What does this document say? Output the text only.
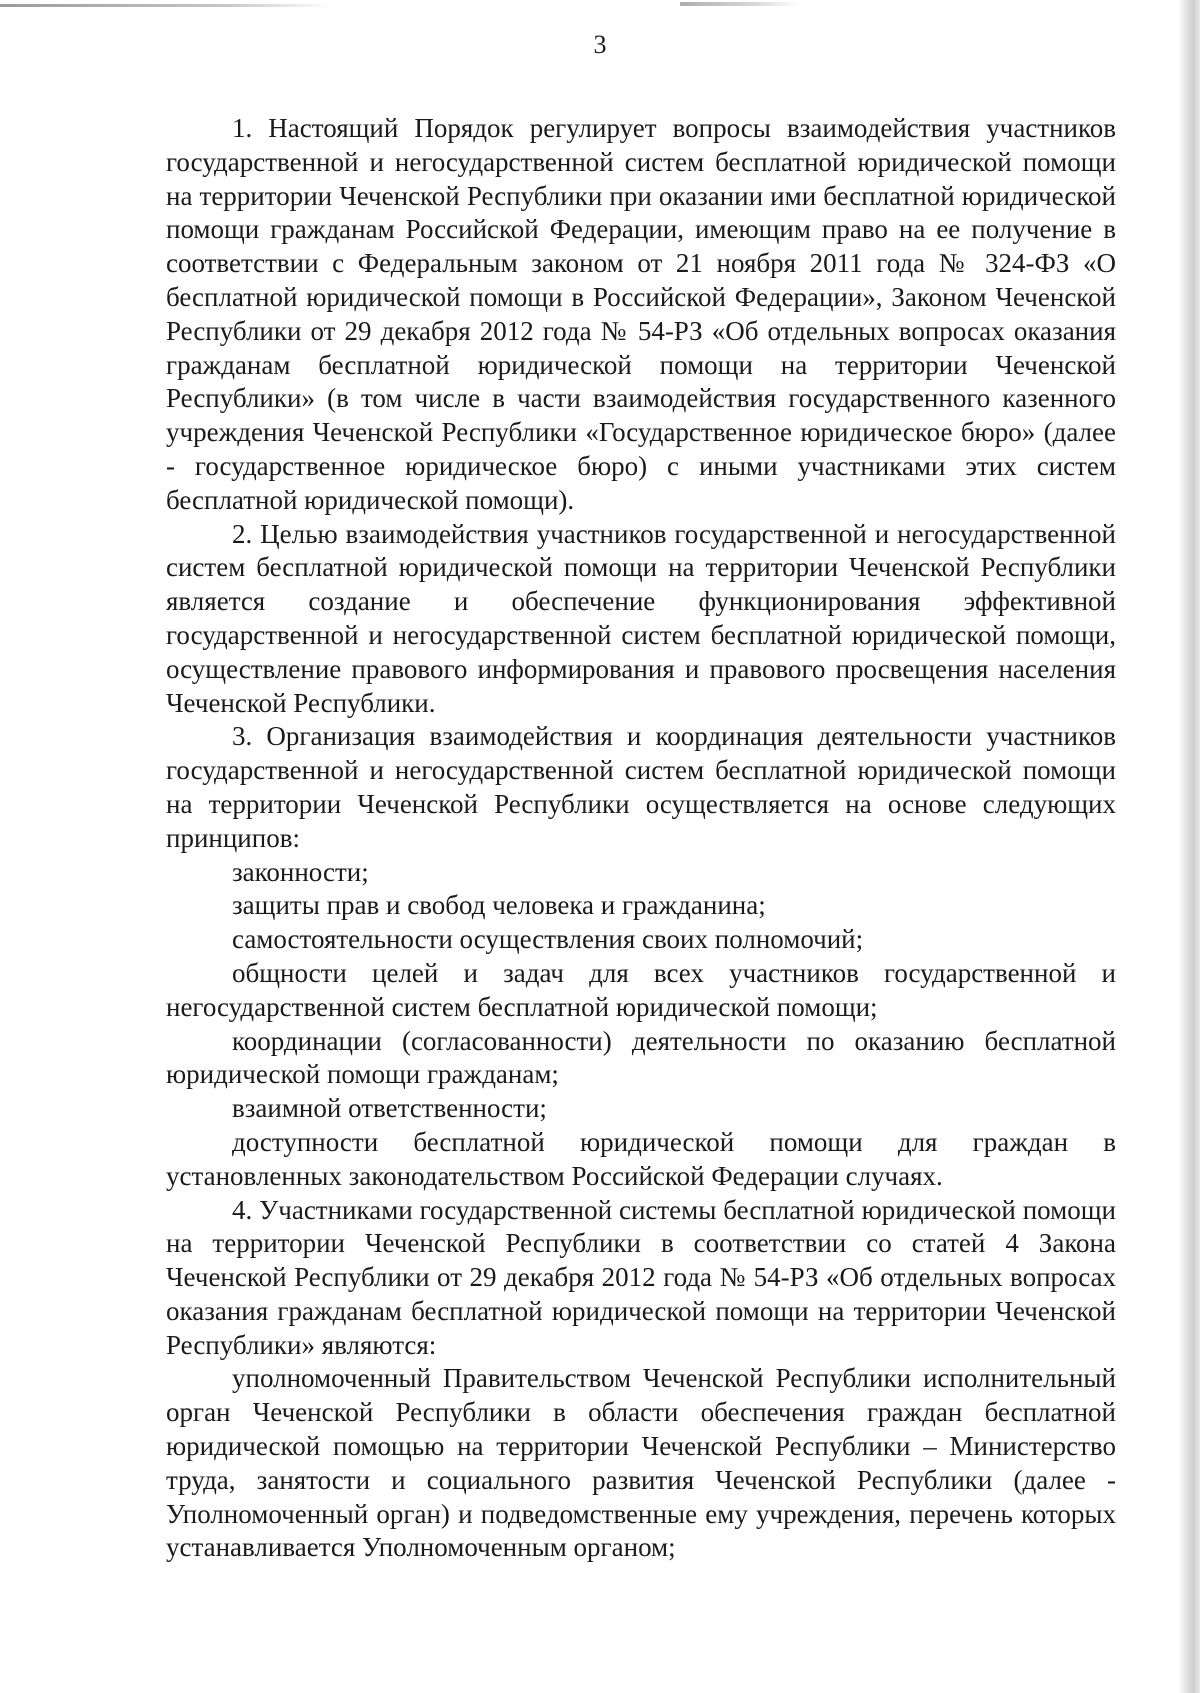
3

1. Настоящий Порядок регулирует вопросы взаимодействия участников государственной и негосударственной систем бесплатной юридической помощи на территории Чеченской Республики при оказании ими бесплатной юридической помощи гражданам Российской Федерации, имеющим право на ее получение в соответствии с Федеральным законом от 21 ноября 2011 года № 324-ФЗ «О бесплатной юридической помощи в Российской Федерации», Законом Чеченской Республики от 29 декабря 2012 года № 54-РЗ «Об отдельных вопросах оказания гражданам бесплатной юридической помощи на территории Чеченской Республики» (в том числе в части взаимодействия государственного казенного учреждения Чеченской Республики «Государственное юридическое бюро» (далее - государственное юридическое бюро) с иными участниками этих систем бесплатной юридической помощи).

2. Целью взаимодействия участников государственной и негосударственной систем бесплатной юридической помощи на территории Чеченской Республики является создание и обеспечение функционирования эффективной государственной и негосударственной систем бесплатной юридической помощи, осуществление правового информирования и правового просвещения населения Чеченской Республики.

3. Организация взаимодействия и координация деятельности участников государственной и негосударственной систем бесплатной юридической помощи на территории Чеченской Республики осуществляется на основе следующих принципов:

законности;

защиты прав и свобод человека и гражданина;

самостоятельности осуществления своих полномочий;

общности целей и задач для всех участников государственной и негосударственной систем бесплатной юридической помощи;

координации (согласованности) деятельности по оказанию бесплатной юридической помощи гражданам;

взаимной ответственности;

доступности бесплатной юридической помощи для граждан в установленных законодательством Российской Федерации случаях.

4. Участниками государственной системы бесплатной юридической помощи на территории Чеченской Республики в соответствии со статей 4 Закона Чеченской Республики от 29 декабря 2012 года № 54-РЗ «Об отдельных вопросах оказания гражданам бесплатной юридической помощи на территории Чеченской Республики» являются:

уполномоченный Правительством Чеченской Республики исполнительный орган Чеченской Республики в области обеспечения граждан бесплатной юридической помощью на территории Чеченской Республики – Министерство труда, занятости и социального развития Чеченской Республики (далее - Уполномоченный орган) и подведомственные ему учреждения, перечень которых устанавливается Уполномоченным органом;
